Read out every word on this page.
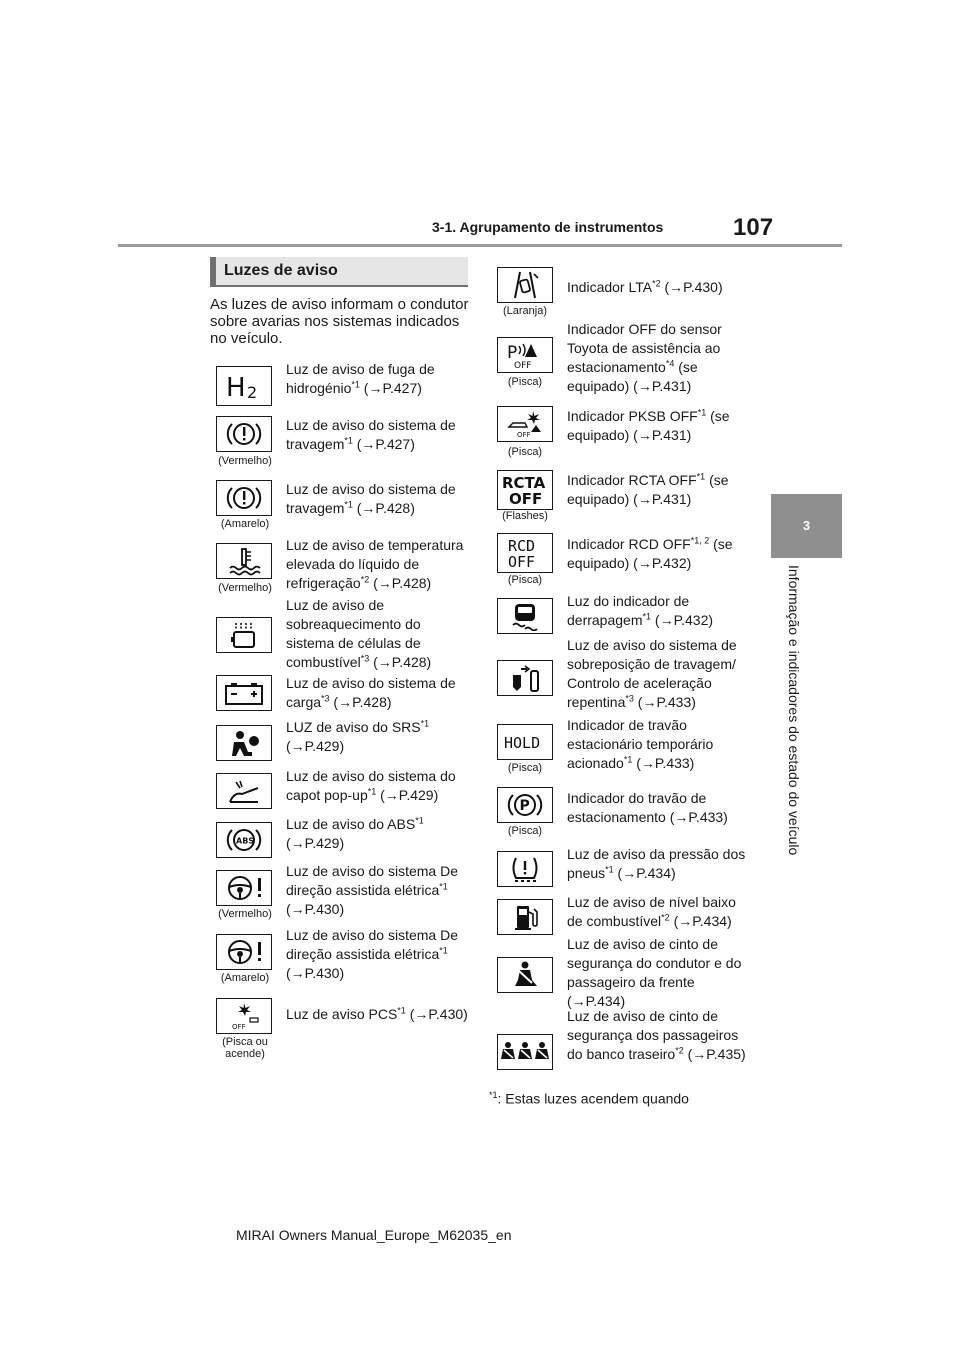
3-1. Agrupamento de instrumentos	107
3
Informação e indicadores do estado do veículo
Luzes de aviso
As luzes de aviso informam o condutor sobre avarias nos sistemas indicados no veículo.
H 2
Luz de aviso de fuga de hidrogénio$^{*1}$ (→P.427)
(Vermelho)
Luz de aviso do sistema de travagem$^{*1}$ (→P.427)
(Amarelo)
Luz de aviso do sistema de travagem$^{*1}$ (→P.428)
(Vermelho)
Luz de aviso de temperatura elevada do líquido de refrigeração$^{*2}$ (→P.428)
Luz de aviso de sobreaquecimento do sistema de células de combustível$^{*3}$ (→P.428)
Luz de aviso do sistema de carga$^{*3}$ (→P.428)
LUZ de aviso do SRS$^{*1}$ (→P.429)
Luz de aviso do sistema do capot pop-$up^{*1}$ (→P.429)
ABS
Luz de aviso do ABS$^{*1}$ (→P.429)
(Vermelho)
Luz de aviso do sistema De direção assistida elétrica$^{*1}$ (→P.430)
(Amarelo)
Luz de aviso do sistema De direção assistida elétrica$^{*1}$ (→P.430)
OFF
(Pisca ou acende)
Luz de aviso PCS$^{*1}$ (→P.430)
(Laranja)
Indicador LTA$^{*2}$ (→P.430)
P
OFF
(Pisca)
Indicador OFF do sensor Toyota de assistência ao estacionamento$^{*4}$ (se equipado) (→P.431)
OFF
(Pisca)
Indicador PKSB OFF$^{*1}$ (se equipado) (→P.431)
RCTA
OFF
(Flashes)
Indicador RCTA OFF$^{*1}$ (se equipado) (→P.431)
RCD
OFF
(Pisca)
Indicador RCD OFF$^{*1, 2}$ (se equipado) (→P.432)
Luz do indicador de derrapagem$^{*1}$ (→P.432)
Luz de aviso do sistema de sobreposição de travagem/ Controlo de aceleração repentina$^{*3}$ (→P.433)
HOLD
(Pisca)
Indicador de travão estacionário temporário acionado$^{*1}$ (→P.433)
P
(Pisca)
Indicador do travão de estacionamento (→P.433)
Luz de aviso da pressão dos pneus$^{*1}$ (→P.434)
Luz de aviso de nível baixo de combustível$^{*2}$ (→P.434)
Luz de aviso de cinto de segurança do condutor e do passageiro da frente (→P.434)
Luz de aviso de cinto de segurança dos passageiros do banco traseiro$^{*2}$ (→P.435)
$^{*1}$: Estas luzes acendem quando
MIRAI Owners Manual_Europe_M62035_en
